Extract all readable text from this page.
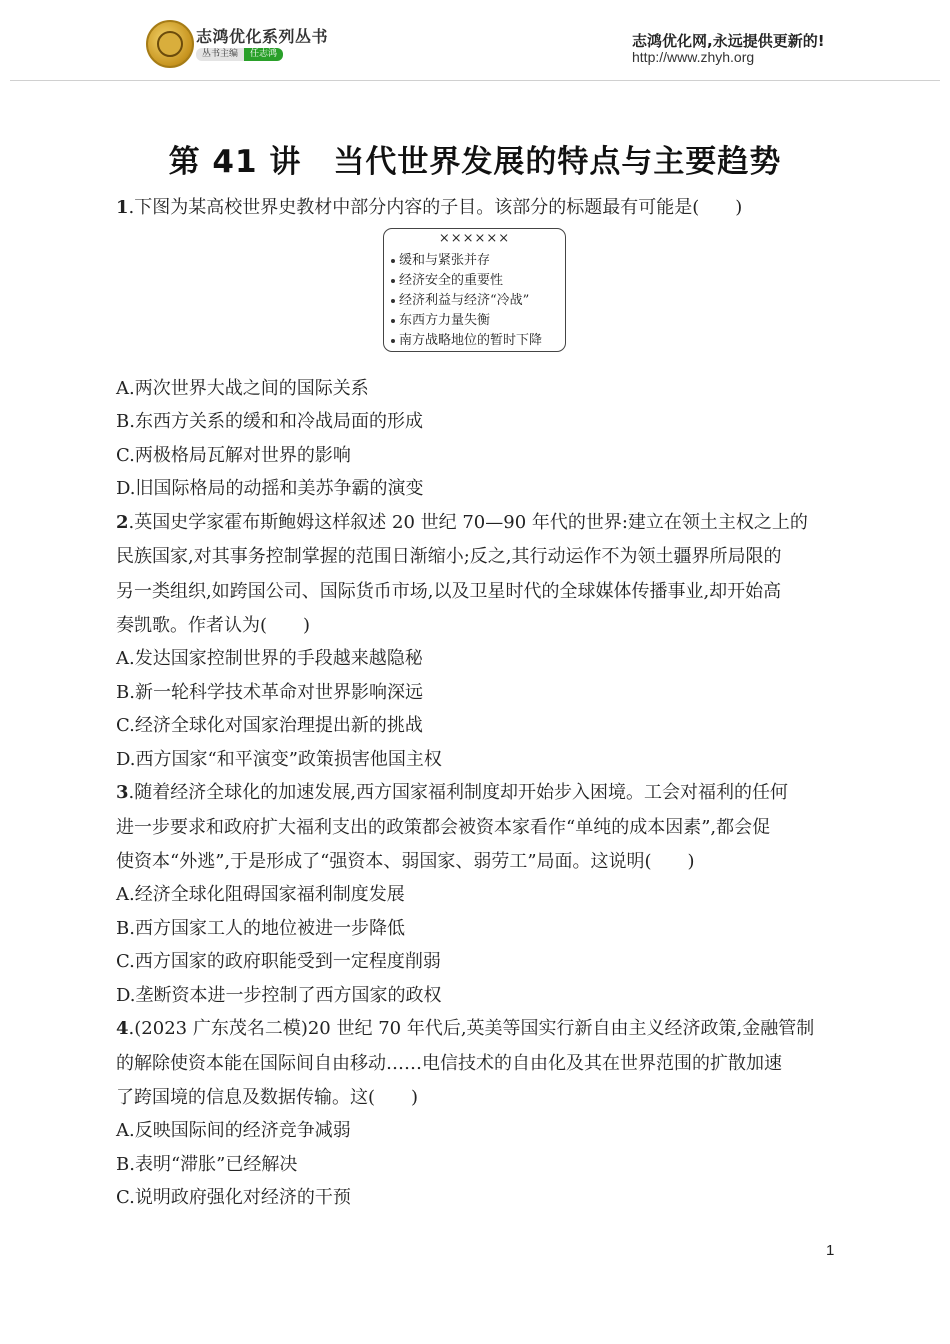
志鸿优化系列丛书
丛书主编 任志鸿
志鸿优化网,永远提供更新的!
http://www.zhyh.org
第 41 讲　当代世界发展的特点与主要趋势
1.下图为某高校世界史教材中部分内容的子目。该部分的标题最有可能是(　　)
××××××
缓和与紧张并存
经济安全的重要性
经济利益与经济“冷战”
东西方力量失衡
南方战略地位的暂时下降
A.两次世界大战之间的国际关系
B.东西方关系的缓和和冷战局面的形成
C.两极格局瓦解对世界的影响
D.旧国际格局的动摇和美苏争霸的演变
2.英国史学家霍布斯鲍姆这样叙述 20 世纪 70—90 年代的世界:建立在领土主权之上的
民族国家,对其事务控制掌握的范围日渐缩小;反之,其行动运作不为领土疆界所局限的
另一类组织,如跨国公司、国际货币市场,以及卫星时代的全球媒体传播事业,却开始高
奏凯歌。作者认为(　　)
A.发达国家控制世界的手段越来越隐秘
B.新一轮科学技术革命对世界影响深远
C.经济全球化对国家治理提出新的挑战
D.西方国家“和平演变”政策损害他国主权
3.随着经济全球化的加速发展,西方国家福利制度却开始步入困境。工会对福利的任何
进一步要求和政府扩大福利支出的政策都会被资本家看作“单纯的成本因素”,都会促
使资本“外逃”,于是形成了“强资本、弱国家、弱劳工”局面。这说明(　　)
A.经济全球化阻碍国家福利制度发展
B.西方国家工人的地位被进一步降低
C.西方国家的政府职能受到一定程度削弱
D.垄断资本进一步控制了西方国家的政权
4.(2023 广东茂名二模)20 世纪 70 年代后,英美等国实行新自由主义经济政策,金融管制
的解除使资本能在国际间自由移动……电信技术的自由化及其在世界范围的扩散加速
了跨国境的信息及数据传输。这(　　)
A.反映国际间的经济竞争减弱
B.表明“滞胀”已经解决
C.说明政府强化对经济的干预
1
